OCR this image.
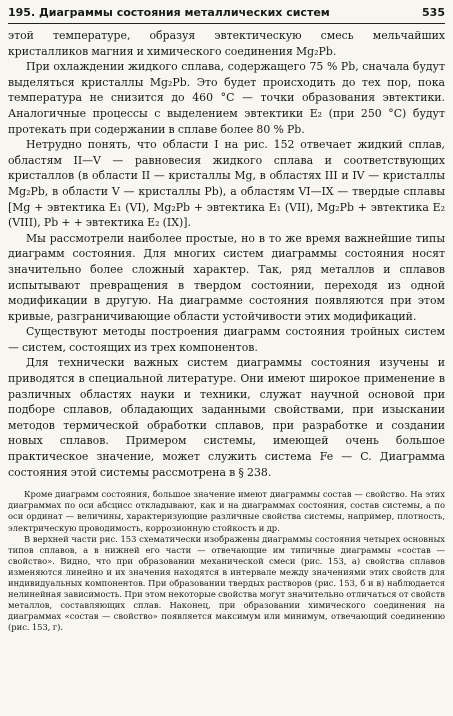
195. Диаграммы состояния металлических систем	535

этой температуре, образуя эвтектическую смесь мельчайших кристалликов магния и химического соединения Mg₂Pb.

При охлаждении жидкого сплава, содержащего 75 % Pb, сначала будут выделяться кристаллы Mg₂Pb. Это будет происходить до тех пор, пока температура не снизится до 460 °C — точки образования эвтектики. Аналогичные процессы с выделением эвтектики E₂ (при 250 °C) будут протекать при содержании в сплаве более 80 % Pb.

Нетрудно понять, что области I на рис. 152 отвечает жидкий сплав, областям II—V — равновесия жидкого сплава и соответствующих кристаллов (в области II — кристаллы Mg, в областях III и IV — кристаллы Mg₂Pb, в области V — кристаллы Pb), а областям VI—IX — твердые сплавы [Mg + эвтектика E₁ (VI), Mg₂Pb + эвтектика E₁ (VII), Mg₂Pb + эвтектика E₂ (VIII), Pb + + эвтектика E₂ (IX)].

Мы рассмотрели наиболее простые, но в то же время важнейшие типы диаграмм состояния. Для многих систем диаграммы состояния носят значительно более сложный характер. Так, ряд металлов и сплавов испытывают превращения в твердом состоянии, переходя из одной модификации в другую. На диаграмме состояния появляются при этом кривые, разграничивающие области устойчивости этих модификаций.

Существуют методы построения диаграмм состояния тройных систем — систем, состоящих из трех компонентов.

Для технически важных систем диаграммы состояния изучены и приводятся в специальной литературе. Они имеют широкое применение в различных областях науки и техники, служат научной основой при подборе сплавов, обладающих заданными свойствами, при изыскании методов термической обработки сплавов, при разработке и создании новых сплавов. Примером системы, имеющей очень большое практическое значение, может служить система Fe — C. Диаграмма состояния этой системы рассмотрена в § 238.

Кроме диаграмм состояния, большое значение имеют диаграммы состав — свойство. На этих диаграммах по оси абсцисс откладывают, как и на диаграммах состояния, состав системы, а по оси ординат — величины, характеризующие различные свойства системы, например, плотность, электрическую проводимость, коррозионную стойкость и др.

В верхней части рис. 153 схематически изображены диаграммы состояния четырех основных типов сплавов, а в нижней его части — отвечающие им типичные диаграммы «состав — свойство». Видно, что при образовании механической смеси (рис. 153, а) свойства сплавов изменяются линейно и их значения находятся в интервале между значениями этих свойств для индивидуальных компонентов. При образовании твердых растворов (рис. 153, б и в) наблюдается нелинейная зависимость. При этом некоторые свойства могут значительно отличаться от свойств металлов, составляющих сплав. Наконец, при образовании химического соединения на диаграммах «состав — свойство» появляется максимум или минимум, отвечающий соединению (рис. 153, г).
